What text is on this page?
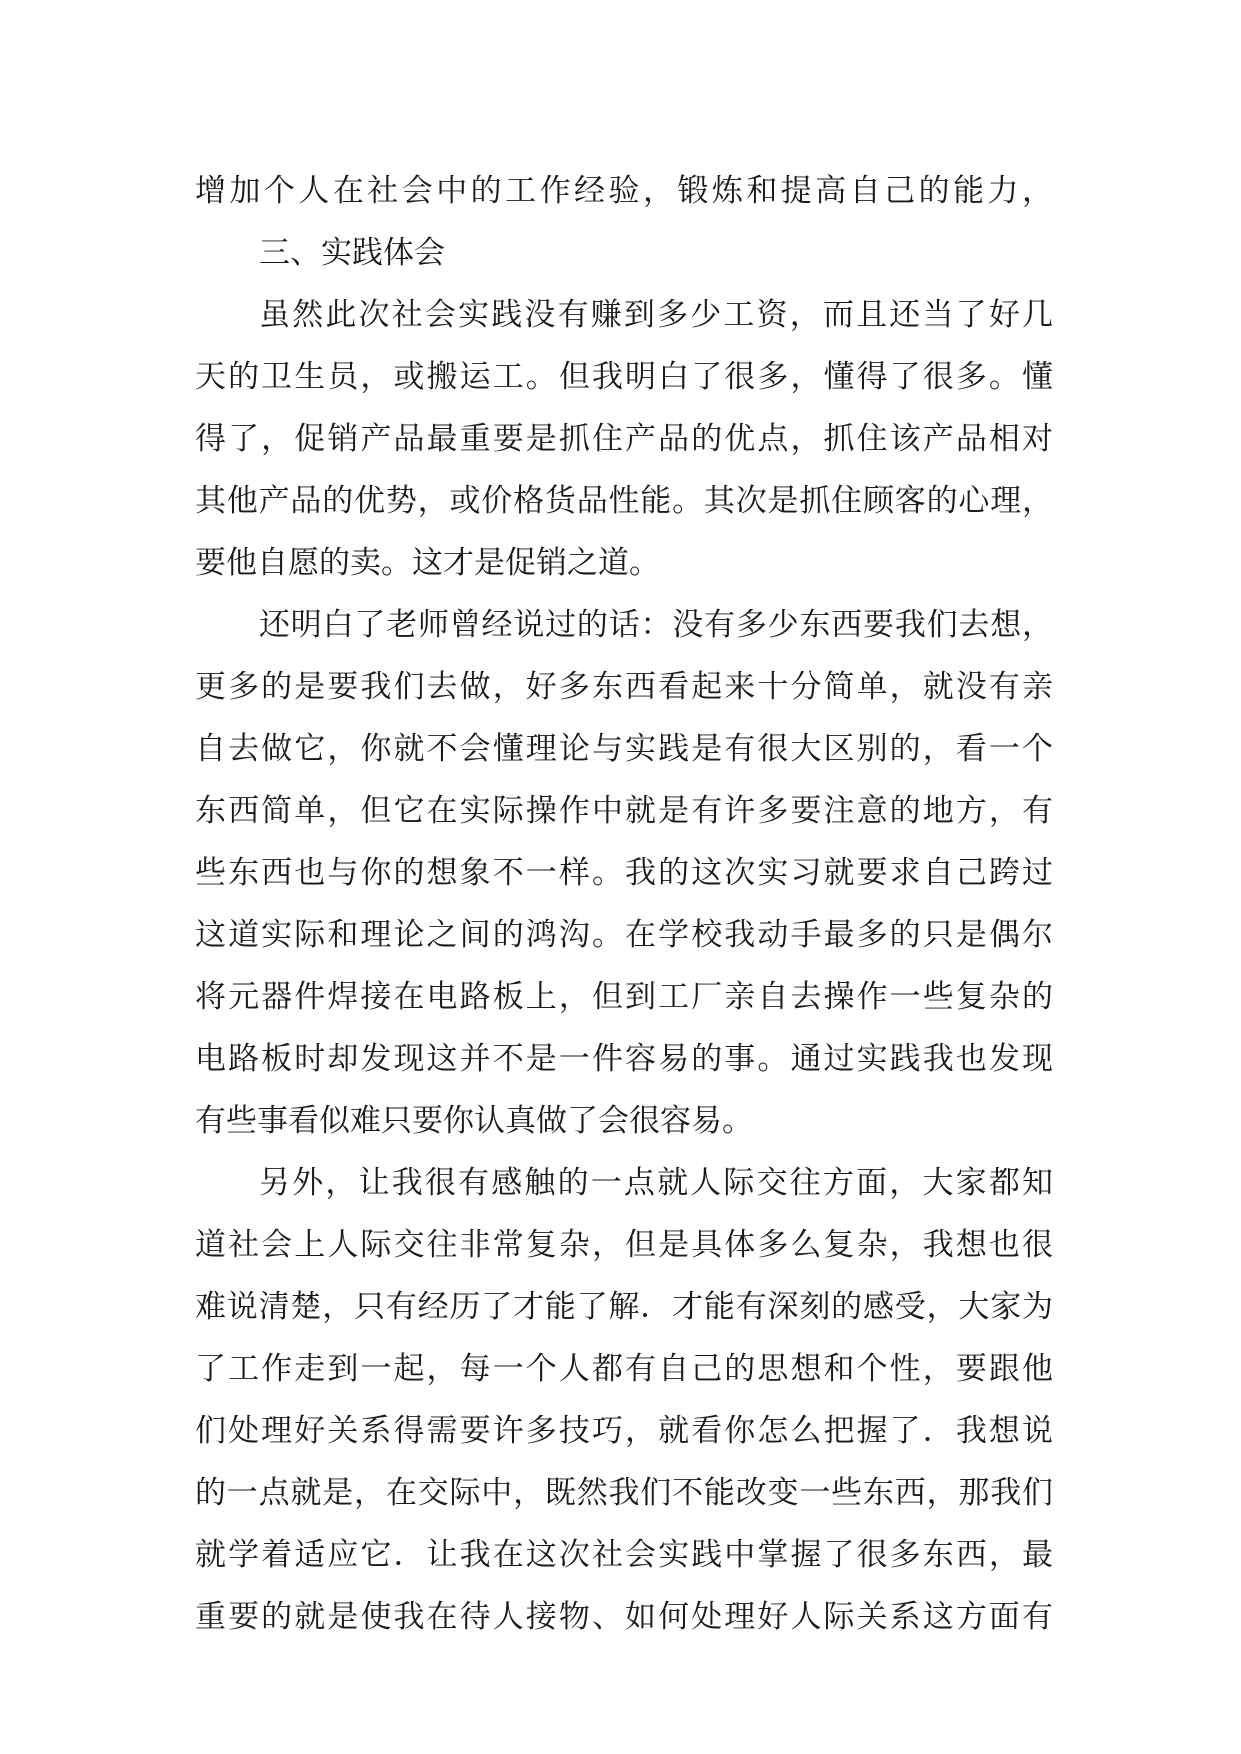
增加个人在社会中的工作经验，锻炼和提高自己的能力，
三、实践体会
虽然此次社会实践没有赚到多少工资，而且还当了好几
天的卫生员，或搬运工。但我明白了很多，懂得了很多。懂
得了，促销产品最重要是抓住产品的优点，抓住该产品相对
其他产品的优势，或价格货品性能。其次是抓住顾客的心理，
要他自愿的卖。这才是促销之道。
还明白了老师曾经说过的话：没有多少东西要我们去想，
更多的是要我们去做，好多东西看起来十分简单，就没有亲
自去做它，你就不会懂理论与实践是有很大区别的，看一个
东西简单，但它在实际操作中就是有许多要注意的地方，有
些东西也与你的想象不一样。我的这次实习就要求自己跨过
这道实际和理论之间的鸿沟。在学校我动手最多的只是偶尔
将元器件焊接在电路板上，但到工厂亲自去操作一些复杂的
电路板时却发现这并不是一件容易的事。通过实践我也发现
有些事看似难只要你认真做了会很容易。
另外，让我很有感触的一点就人际交往方面，大家都知
道社会上人际交往非常复杂，但是具体多么复杂，我想也很
难说清楚，只有经历了才能了解．才能有深刻的感受，大家为
了工作走到一起，每一个人都有自己的思想和个性，要跟他
们处理好关系得需要许多技巧，就看你怎么把握了．我想说
的一点就是，在交际中，既然我们不能改变一些东西，那我们
就学着适应它．让我在这次社会实践中掌握了很多东西，最
重要的就是使我在待人接物、如何处理好人际关系这方面有
